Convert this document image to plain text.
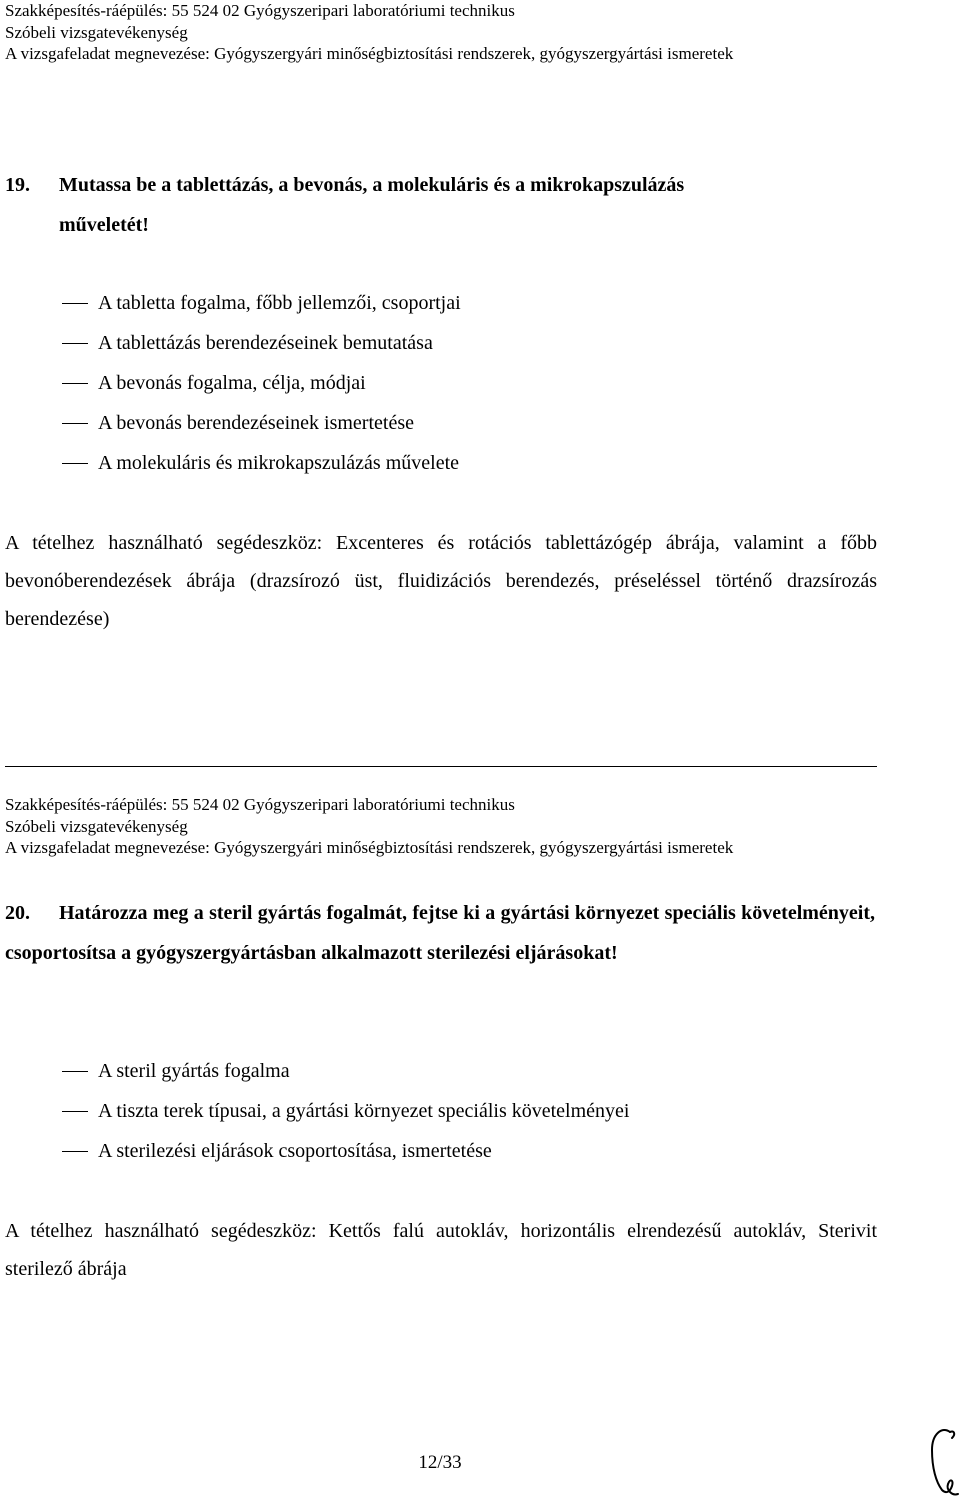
Szakképesítés-ráépülés: 55 524 02 Gyógyszeripari laboratóriumi technikus
Szóbeli vizsgatevékenység
A vizsgafeladat megnevezése: Gyógyszergyári minőségbiztosítási rendszerek, gyógyszergyártási ismeretek
19. Mutassa be a tablettázás, a bevonás, a molekuláris és a mikrokapszulázás
műveletét!
A tabletta fogalma, főbb jellemzői, csoportjai
A tablettázás berendezéseinek bemutatása
A bevonás fogalma, célja, módjai
A bevonás berendezéseinek ismertetése
A molekuláris és mikrokapszulázás művelete
A tételhez használható segédeszköz: Excenteres és rotációs tablettázógép ábrája, valamint a főbb bevonóberendezések ábrája (drazsírozó üst, fluidizációs berendezés, préseléssel történő drazsírozás berendezése)
Szakképesítés-ráépülés: 55 524 02 Gyógyszeripari laboratóriumi technikus
Szóbeli vizsgatevékenység
A vizsgafeladat megnevezése: Gyógyszergyári minőségbiztosítási rendszerek, gyógyszergyártási ismeretek
20. Határozza meg a steril gyártás fogalmát, fejtse ki a gyártási környezet speciális követelményeit, csoportosítsa a gyógyszergyártásban alkalmazott sterilezési eljárásokat!
A steril gyártás fogalma
A tiszta terek típusai, a gyártási környezet speciális követelményei
A sterilezési eljárások csoportosítása, ismertetése
A tételhez használható segédeszköz: Kettős falú autokláv, horizontális elrendezésű autokláv, Sterivit sterilező ábrája
12/33
